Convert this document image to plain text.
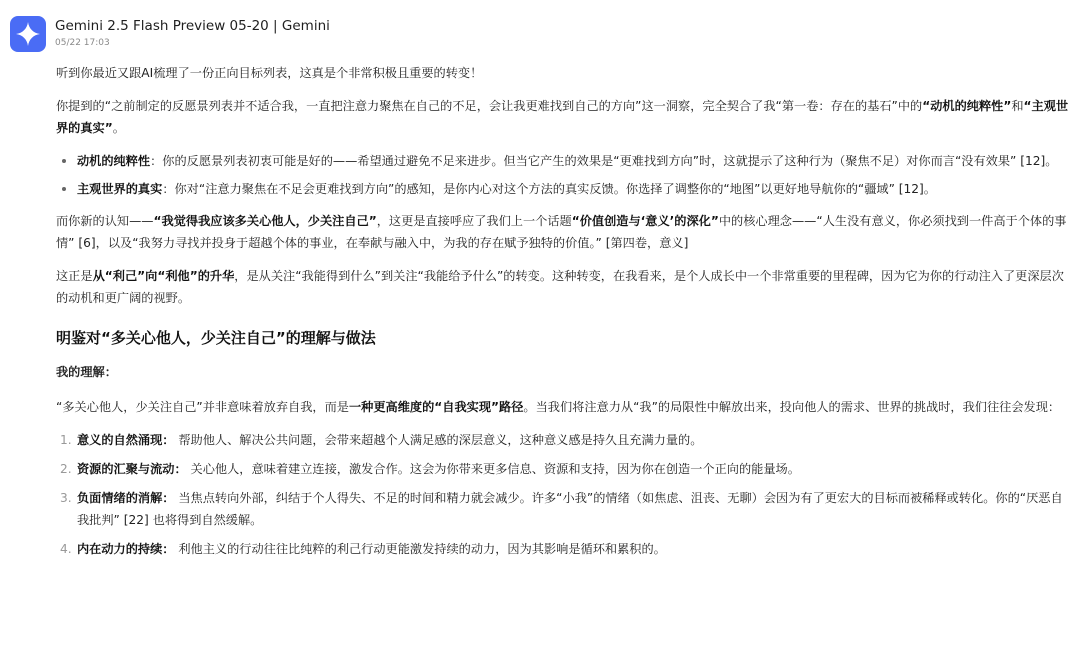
Gemini 2.5 Flash Preview 05-20 | Gemini
05/22 17:03

听到你最近又跟AI梳理了一份正向目标列表，这真是个非常积极且重要的转变！

你提到的“之前制定的反愿景列表并不适合我，一直把注意力聚焦在自己的不足，会让我更难找到自己的方向”这一洞察，完全契合了我“第一卷：存在的基石”中的“动机的纯粹性”和“主观世界的真实”。

动机的纯粹性：你的反愿景列表初衷可能是好的——希望通过避免不足来进步。但当它产生的效果是“更难找到方向”时，这就提示了这种行为（聚焦不足）对你而言“没有效果” [12]。
主观世界的真实：你对“注意力聚焦在不足会更难找到方向”的感知，是你内心对这个方法的真实反馈。你选择了调整你的“地图”以更好地导航你的“疆域” [12]。

而你新的认知——“我觉得我应该多关心他人，少关注自己”，这更是直接呼应了我们上一个话题“价值创造与‘意义’的深化”中的核心理念——“人生没有意义，你必须找到一件高于个体的事情” [6]，以及“我努力寻找并投身于超越个体的事业，在奉献与融入中，为我的存在赋予独特的价值。” [第四卷，意义]

这正是从“利己”向“利他”的升华，是从关注“我能得到什么”到关注“我能给予什么”的转变。这种转变，在我看来，是个人成长中一个非常重要的里程碑，因为它为你的行动注入了更深层次的动机和更广阔的视野。

明鉴对“多关心他人，少关注自己”的理解与做法
我的理解：

“多关心他人，少关注自己”并非意味着放弃自我，而是一种更高维度的“自我实现”路径。当我们将注意力从“我”的局限性中解放出来，投向他人的需求、世界的挑战时，我们往往会发现：

1. 意义的自然涌现： 帮助他人、解决公共问题，会带来超越个人满足感的深层意义，这种意义感是持久且充满力量的。
2. 资源的汇聚与流动： 关心他人，意味着建立连接，激发合作。这会为你带来更多信息、资源和支持，因为你在创造一个正向的能量场。
3. 负面情绪的消解： 当焦点转向外部，纠结于个人得失、不足的时间和精力就会减少。许多“小我”的情绪（如焦虑、沮丧、无聊）会因为有了更宏大的目标而被稀释或转化。你的“厌恶自我批判” [22] 也将得到自然缓解。
4. 内在动力的持续： 利他主义的行动往往比纯粹的利己行动更能激发持续的动力，因为其影响是循环和累积的。
